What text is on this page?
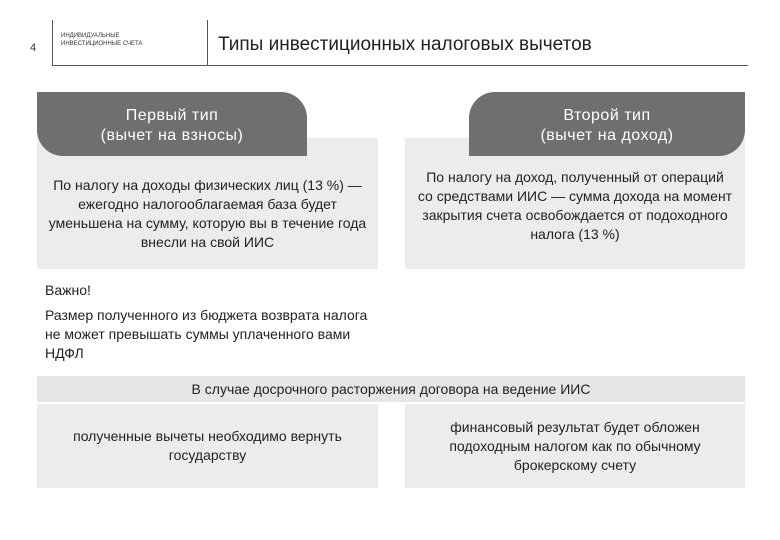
4
ИНДИВИДУАЛЬНЫЕ ИНВЕСТИЦИОННЫЕ СЧЕТА	Типы инвестиционных налоговых вычетов
По налогу на доходы физических лиц (13 %) — ежегодно налогооблагаемая база будет уменьшена на сумму, которую вы в течение года внесли на свой ИИС
По налогу на доход, полученный от операций со средствами ИИС — сумма дохода на момент закрытия счета освобождается от подоходного налога (13 %)
Первый тип
(вычет на взносы)
Второй тип
(вычет на доход)
Важно!
Размер полученного из бюджета возврата налога не может превышать суммы уплаченного вами НДФЛ
В случае досрочного расторжения договора на ведение ИИС
полученные вычеты необходимо вернуть государству
финансовый результат будет обложен подоходным налогом как по обычному брокерскому счету
